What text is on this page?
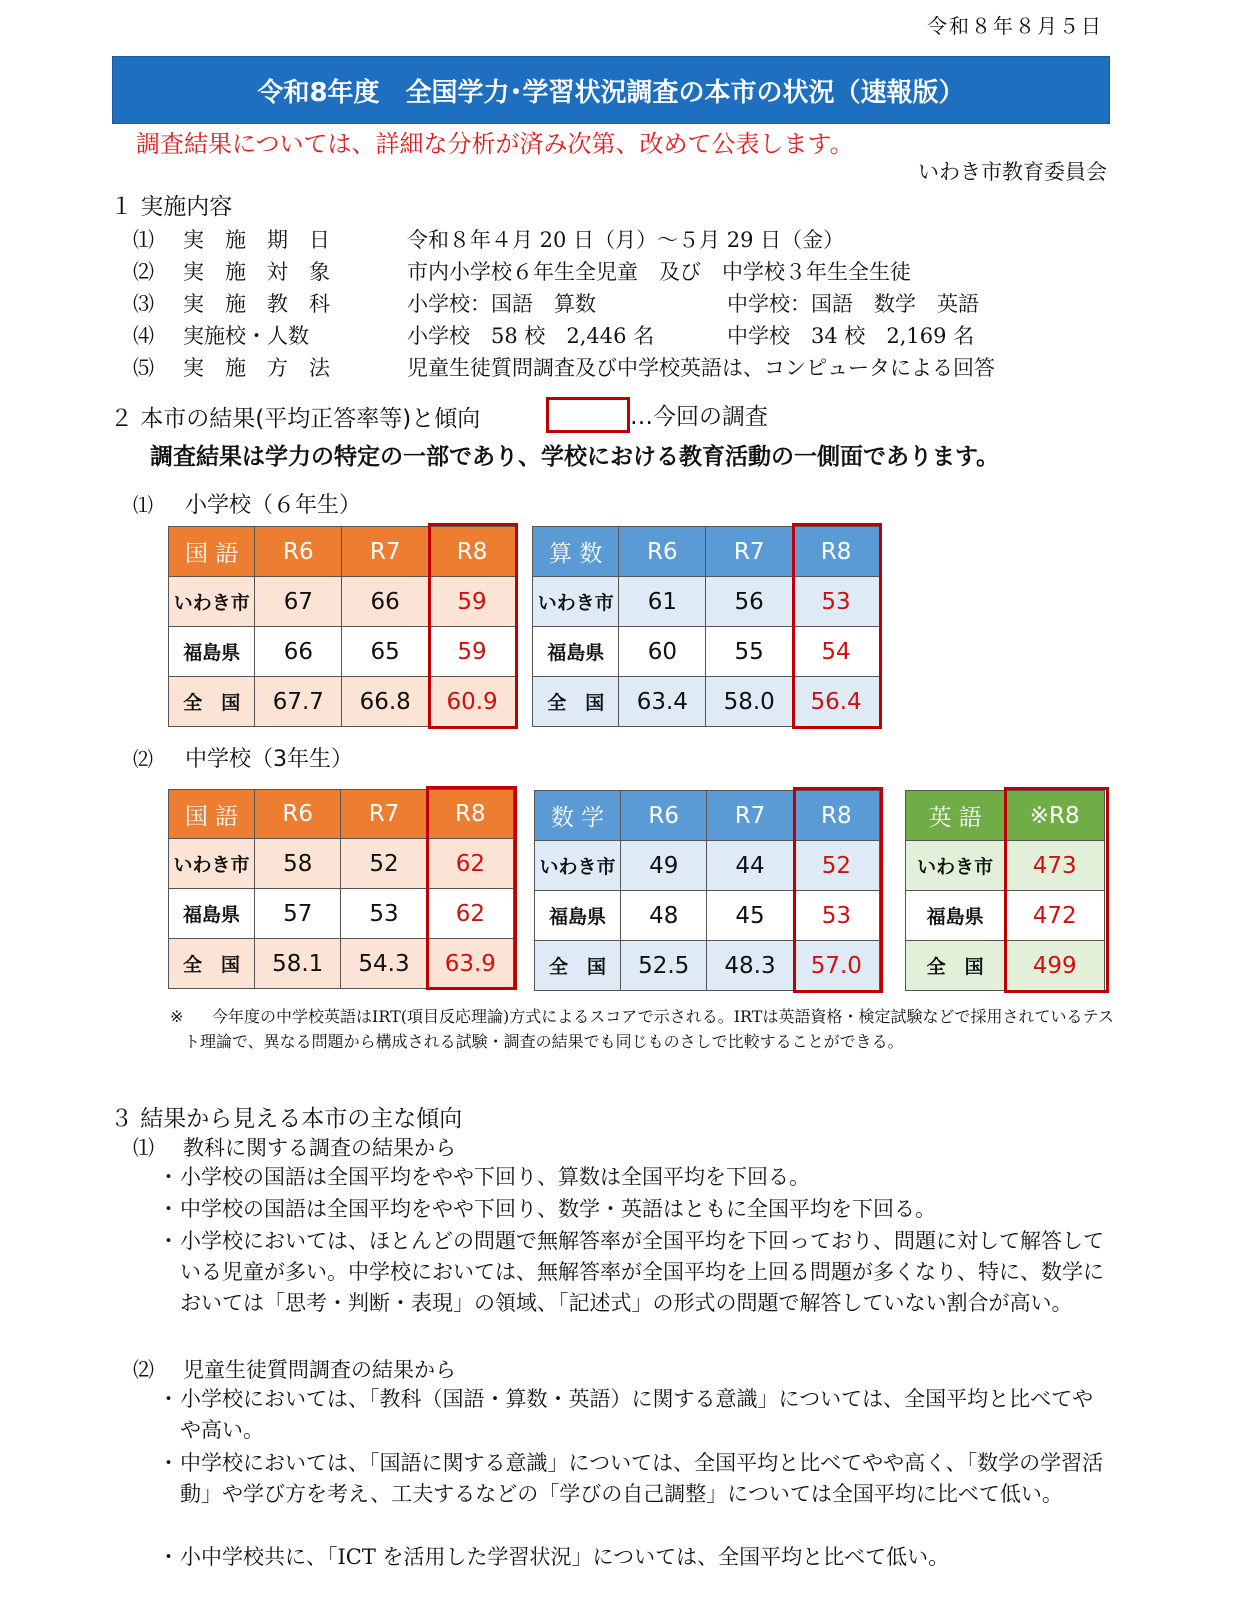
令和８年８月５日
令和8年度　全国学力･学習状況調査の本市の状況（速報版）
調査結果については、詳細な分析が済み次第、改めて公表します。
いわき市教育委員会
１ 実施内容
⑴	実　施　期　日	令和８年４月 20 日（月）～５月 29 日（金）
⑵	実　施　対　象	市内小学校６年生全児童　及び　中学校３年生全生徒
⑶	実　施　教　科	小学校：国語　算数	中学校：国語　数学　英語
⑷	実施校・人数	小学校　58 校　2,446 名	中学校　34 校　2,169 名
⑸	実　施　方　法	児童生徒質問調査及び中学校英語は、コンピュータによる回答
２ 本市の結果(平均正答率等)と傾向	…今回の調査
調査結果は学力の特定の一部であり、学校における教育活動の一側面であります。
⑴ 小学校（６年生）
国 語	R6	R7	R8
いわき市	67	66	59
福島県	66	65	59
全　国	67.7	66.8	60.9
算 数	R6	R7	R8
いわき市	61	56	53
福島県	60	55	54
全　国	63.4	58.0	56.4
⑵ 中学校（3年生）
国 語	R6	R7	R8
いわき市	58	52	62
福島県	57	53	62
全　国	58.1	54.3	63.9
数 学	R6	R7	R8
いわき市	49	44	52
福島県	48	45	53
全　国	52.5	48.3	57.0
英 語	※R8
いわき市	473
福島県	472
全　国	499
※	今年度の中学校英語はIRT(項目反応理論)方式によるスコアで示される。IRTは英語資格・検定試験などで採用されているテスト理論で、異なる問題から構成される試験・調査の結果でも同じものさしで比較することができる。
３ 結果から見える本市の主な傾向
⑴ 教科に関する調査の結果から
・ 小学校の国語は全国平均をやや下回り、算数は全国平均を下回る。
・ 中学校の国語は全国平均をやや下回り、数学・英語はともに全国平均を下回る。
・ 小学校においては、ほとんどの問題で無解答率が全国平均を下回っており、問題に対して解答している児童が多い。中学校においては、無解答率が全国平均を上回る問題が多くなり、特に、数学においては「思考・判断・表現」の領域、「記述式」の形式の問題で解答していない割合が高い。
⑵ 児童生徒質問調査の結果から
・ 小学校においては、「教科（国語・算数・英語）に関する意識」については、全国平均と比べてやや高い。
・ 中学校においては、「国語に関する意識」については、全国平均と比べてやや高く、「数学の学習活動」や学び方を考え、工夫するなどの「学びの自己調整」については全国平均に比べて低い。
・ 小中学校共に、「ICT を活用した学習状況」については、全国平均と比べて低い。
